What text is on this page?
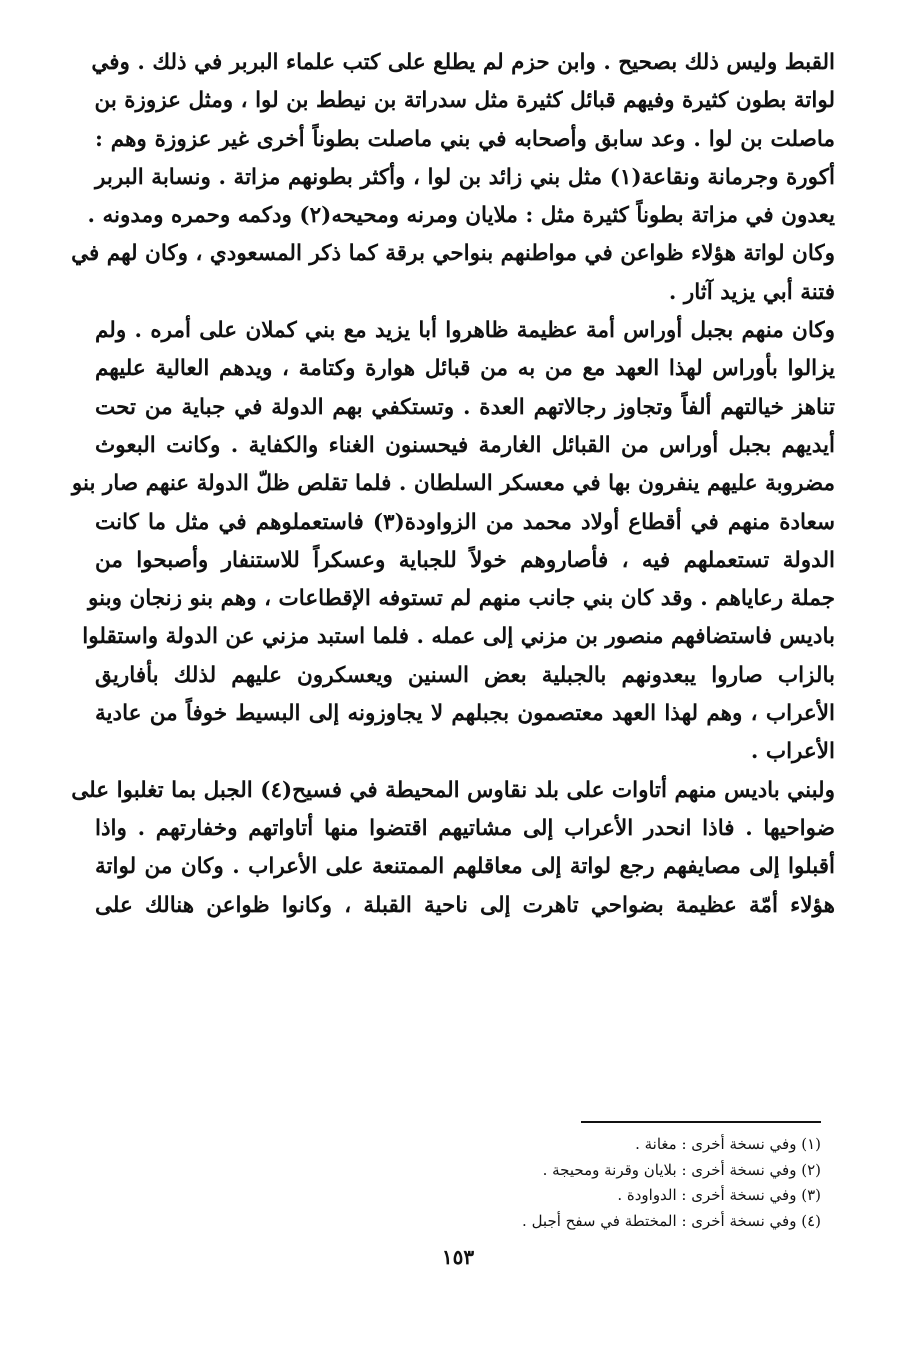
القبط وليس ذلك بصحيح . وابن حزم لم يطلع على كتب علماء البربر في ذلك . وفي
لواتة بطون كثيرة وفيهم قبائل كثيرة مثل سدراتة بن نيطط بن لوا ، ومثل عزوزة بن
ماصلت بن لوا . وعد سابق وأصحابه في بني ماصلت بطوناً أخرى غير عزوزة وهم :
أكورة وجرمانة ونقاعة(١) مثل بني زائد بن لوا ، وأكثر بطونهم مزاتة . ونسابة البربر
يعدون في مزاتة بطوناً كثيرة مثل : ملايان ومرنه ومحيحه(٢) ودكمه وحمره ومدونه .
وكان لواتة هؤلاء ظواعن في مواطنهم بنواحي برقة كما ذكر المسعودي ، وكان لهم في
فتنة أبي يزيد آثار .
وكان منهم بجبل أوراس أمة عظيمة ظاهروا أبا يزيد مع بني كملان على أمره . ولم
يزالوا بأوراس لهذا العهد مع من به من قبائل هوارة وكتامة ، ويدهم العالية عليهم
تناهز خيالتهم ألفاً وتجاوز رجالاتهم العدة . وتستكفي بهم الدولة في جباية من تحت
أيديهم بجبل أوراس من القبائل الغارمة فيحسنون الغناء والكفاية . وكانت البعوث
مضروبة عليهم ينفرون بها في معسكر السلطان . فلما تقلص ظلّ الدولة عنهم صار بنو
سعادة منهم في أقطاع أولاد محمد من الزواودة(٣) فاستعملوهم في مثل ما كانت
الدولة تستعملهم فيه ، فأصاروهم خولاً للجباية وعسكراً للاستنفار وأصبحوا من
جملة رعاياهم . وقد كان بني جانب منهم لم تستوفه الإقطاعات ، وهم بنو زنجان وبنو
باديس فاستضافهم منصور بن مزني إلى عمله . فلما استبد مزني عن الدولة واستقلوا
بالزاب صاروا يبعدونهم بالجبلية بعض السنين ويعسكرون عليهم لذلك بأفاريق
الأعراب ، وهم لهذا العهد معتصمون بجبلهم لا يجاوزونه إلى البسيط خوفاً من عادية
الأعراب .
ولبني باديس منهم أتاوات على بلد نقاوس المحيطة في فسيح(٤) الجبل بما تغلبوا على
ضواحيها . فاذا انحدر الأعراب إلى مشاتيهم اقتضوا منها أتاواتهم وخفارتهم . واذا
أقبلوا إلى مصايفهم رجع لواتة إلى معاقلهم الممتنعة على الأعراب . وكان من لواتة
هؤلاء أمّة عظيمة بضواحي تاهرت إلى ناحية القبلة ، وكانوا ظواعن هنالك على
(١) وفي نسخة أخرى : مغانة .
(٢) وفي نسخة أخرى : بلايان وقرنة ومحيجة .
(٣) وفي نسخة أخرى : الدواودة .
(٤) وفي نسخة أخرى : المختطة في سفح أجبل .
١٥٣
